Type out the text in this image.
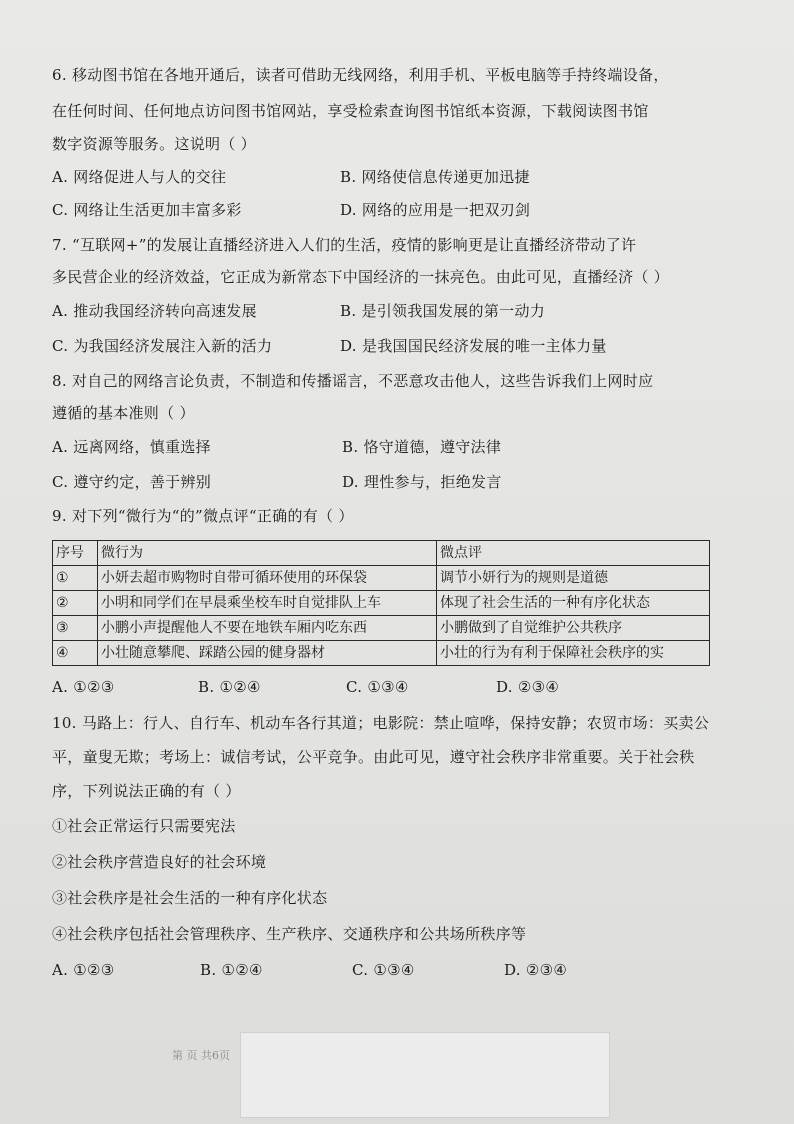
6. 移动图书馆在各地开通后，读者可借助无线网络，利用手机、平板电脑等手持终端设备，
在任何时间、任何地点访问图书馆网站，享受检索查询图书馆纸本资源，下载阅读图书馆
数字资源等服务。这说明（ ）
A. 网络促进人与人的交往	B. 网络使信息传递更加迅捷
C. 网络让生活更加丰富多彩	D. 网络的应用是一把双刃剑
7. “互联网+”的发展让直播经济进入人们的生活，疫情的影响更是让直播经济带动了许
多民营企业的经济效益，它正成为新常态下中国经济的一抹亮色。由此可见，直播经济（ ）
A. 推动我国经济转向高速发展	B. 是引领我国发展的第一动力
C. 为我国经济发展注入新的活力	D. 是我国国民经济发展的唯一主体力量
8. 对自己的网络言论负责，不制造和传播谣言，不恶意攻击他人，这些告诉我们上网时应
遵循的基本准则（ ）
A. 远离网络，慎重选择	B. 恪守道德，遵守法律
C. 遵守约定，善于辨别	D. 理性参与，拒绝发言
9. 对下列“微行为“的”微点评“正确的有（ ）
序号	微行为	微点评
①	小妍去超市购物时自带可循环使用的环保袋	调节小妍行为的规则是道德
②	小明和同学们在早晨乘坐校车时自觉排队上车	体现了社会生活的一种有序化状态
③	小鹏小声提醒他人不要在地铁车厢内吃东西	小鹏做到了自觉维护公共秩序
④	小壮随意攀爬、踩踏公园的健身器材	小壮的行为有利于保障社会秩序的实
A. ①②③	B. ①②④	C. ①③④	D. ②③④
10. 马路上：行人、自行车、机动车各行其道；电影院：禁止喧哗，保持安静；农贸市场：买卖公
平，童叟无欺；考场上：诚信考试，公平竞争。由此可见，遵守社会秩序非常重要。关于社会秩
序，下列说法正确的有（ ）
①社会正常运行只需要宪法
②社会秩序营造良好的社会环境
③社会秩序是社会生活的一种有序化状态
④社会秩序包括社会管理秩序、生产秩序、交通秩序和公共场所秩序等
A. ①②③	B. ①②④	C. ①③④	D. ②③④
第 页 共6页
